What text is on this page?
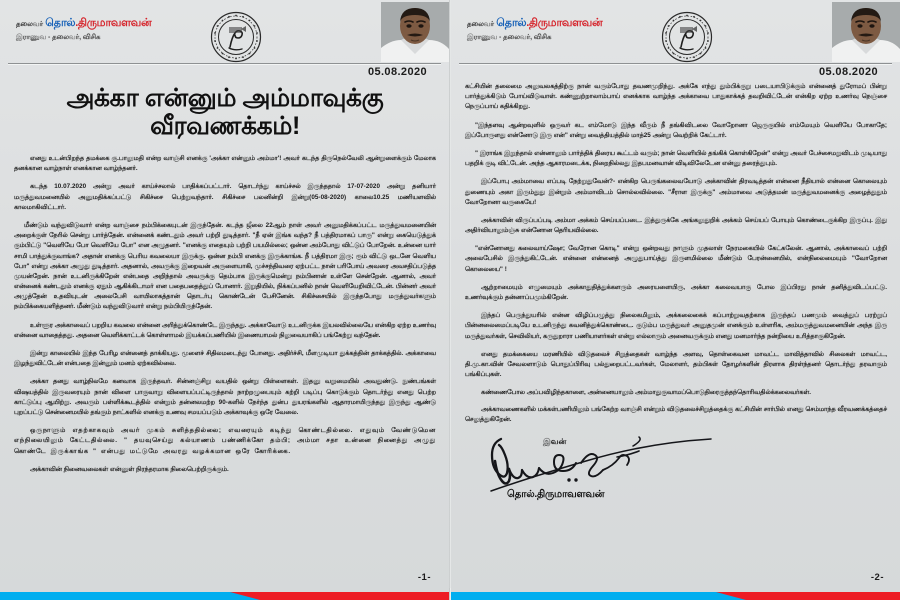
தலைவர் தொல்.திருமாவளவன்
இராணுவ - தலைவர், விசிக
05.08.2020
அக்கா என்னும் அம்மாவுக்கு
வீரவணக்கம்!

எனது உடன்பிறந்த தமக்கை கு.பாலுமதி என்ற வாஞ்சி எனக்கு 'அக்கா என்னும் அம்மா'! அவர் கடந்த திருநெல்வேலி ஆன்றுளைக்கும் மேலாக தனக்கான வாழ்நாள் எனக்கான வாழ்ந்தனர்.

கடந்த 10.07.2020 அன்று அவர் காய்ச்சலால் பாதிக்கப்பட்டார். தொடர்ந்து காய்ச்சல் இருந்ததால் 17-07-2020 அன்று தனியார் மருத்துவமனையில் அனுமதிக்கப்பட்டு சிகிச்சை பெற்றுவந்தார். சிகிச்சை பலனின்றி இன்று(05-08-2020) காலை10.25 மணியளவில் காலமாகிவிட்டார்.

மீண்டும் வந்துவிடுவார் என்ற வாஞ்சை நம்பிக்கையுடன் இருந்தேன். கடந்த ஜீலை 22ஆம் நாள் அவர் அனுமதிக்கப்பட்ட மருத்துவமனையின் அறைக்குள் நேரில் சென்று பார்த்தேன். என்னைக் கண்டதும் அவர் பற்றி துடித்தார். "நீ ஏன் இங்க வந்த? நீ பத்திரமாகப் பாரு" என்று கையெடுத்துக் கும்பிட்டு "வெளியே போ வெளியே போ" என அழுதனர். "எனக்கு எதையும் பற்றி பயமில்லை; ஒன்ன அம்போது விட்டுப் போறேன். உன்னை யார் சாமி பாத்துக்குவாங்க? அதான் எனக்கு பெரிய கவலையா இருக்கு. ஒன்ன நம்பி எனக்கு இருக்காங்க. நீ பத்திரமா இரு; ரூம் விட்டு ஒடனே வெளிய போ" என்று அக்கா அழுது துடித்தார். அதனால், அவருக்கு இறைவன் அருளையாகி, முச்சந்திவரை ஏற்பட்ட நான் பரிபோய் அவரை அவசதிப்படுத்த முயன்றேன். நான் உடனிருக்கிறேன் என்பதை அறிந்தால் அவருக்கு தெம்பாக இருக்குமென்று நம்பினான் உள்ளே சென்றேன். ஆனால், அவர் என்னைக் கண்டதும் எனக்கு ஏதும் ஆகிக்கிடாமர் என பதைபதைத்துப் போனார். இறுதியில், நிக்கப்பனில் நான் வெளியேறிவிட்டேன். பின்னர் அவர் அழுத்தேன் உதவியுடன் அலைபேசி வாயிலாகத்தான் தொடர்பு கொண்டேன் பேசினேன். சிகிச்சையில் இருந்தபோது மருத்துவர்களும் நம்பிக்கையளித்தனர். மீண்டும் வந்துவிடுவார் என்று நம்பியிருந்தேன்.

உள்ளூர அக்காவைப் பறறிய கவலை என்னை அரித்துக்கொண்டே இருந்தது. அக்காவோடு உடனிருக்க இயலவில்லையே என்கிற ஏற்ற உணர்வு என்னை வாதைத்தது. அதனை வெளிக்காட்டக் கொள்ளாமல் இயக்கப்பணியில் இணையாமல் நிலுவையாகிப் பங்கேற்று வந்தேன்.

இன்று காலையில் இந்த பேரிழ என்னைத் தாக்கியது. மூளைச் சிதிலமடைந்து போனது. அதிர்ச்சி, மீளமுடியா துக்கத்தின் தாக்கத்தில். அக்காவை இழந்துவிட்டேன் என்பதை இன்னும் மனம் ஏற்கவில்லை.

அக்கா தனது வாழ்நிலமே கனவாக இருந்தவர். சின்னஞ்சிறு வயதில் ஒன்று பிள்ளைகள். இதனு வறுமையில் அவதுண்டு. நுண்பங்கள் விஷயத்தில் இருவரையும் நான் விளை பாகுவாறு விளையப்பட்டிருந்தால் நாற்றழுபையும் கற்றி படிப்பு கொடுக்கும் தொடர்ந்து எனது பெற்ற காட்டுப்பு ஆயிற்று. அவரும் பள்ளிக்கூடத்தில் என்றும் தன்னலமற்ற 90-களில் நேர்ந்த துன்ப துயரங்களில் ஆதாரமாயிருந்தது இருந்து ஆண்டு புறப்பட்டு சென்னைமயில் தங்கும் நாட்களில் எனக்கு உணவு சமயப்படும் அக்காவுக்கு ஒரே வேலை.

ஒருநாளும் எதற்காகவும் அவர் முகம் சுளித்ததில்லை; எவரையும் கடிந்து கொண்டதில்லை. எதுவும் வேண்டுமென எந்நிலையிலும் கேட்டதில்லை. " தயவுசெய்து கல்யாணம் பண்ணிக்கோ தம்பி; அம்மா சதா உன்னை நினைத்து அழுது கொண்டே இருக்காங்க " என்பது மட்டுமே அவரது வழக்கமான ஒரே கோரிக்கை.

அக்காவின் நினைவலைகள் என்னுள் நிரந்தரமாக நிலைபெற்றிருக்கும்.

-1-
தலைவர் தொல்.திருமாவளவன்
இராணுவ - தலைவர், விசிக
05.08.2020

கட்சியின் தலைமை அலுவலகத்திற்கு நான் வரும்போது தவணமுறிந்து. அக்கே எந்து தும்பிக்குறு படையாபிடுக்கும் என்னைத் துரோமப் பின்று பார்த்துக்கிடும் போய்விடுவாள். கண்ணுற்றாலாம்பாய் எனக்காக வாழ்ந்த அக்காவை பாதுகாக்கத் தவறிவிட்டேன் என்கிற ஏற்ற உணர்வு நெஞ்சை நெருப்பாய் கதிக்கிறது.

"இந்தளவு ஆன்றவுளில் ஒருவர் கட எம்மோடு இந்த வீரும் நீ தங்கிவிடலை வோறோனா ஜெருகுயில் எம்மேயும் வெளியே போகாதே; இப்போருளது என்னோடு இரு என்" என்று வைத்தியத்தில் மாத்25 அன்று வெற்றிக் கேட்டார்.

" இராங்க இறுந்தால் என்னாலும் பார்த்திக் திரைய கூட்டம் வரும்; நான் வெளியில் தங்கிக் கொள்கிறேன்" என்று அவர் பேச்சைமறுவிடம் முடியாது பதறிக் குடி விட்டேன். அந்த ஆகாரமடைக்க, நிறைநில்லது இதபமனவான் விடிவிலேடேன என்னு தரைத்துபும்.

இப்போபு அம்மாவை எப்படி நேற்றுதுவேன்?- என்கிற பெருங்கலைவயோடு அக்காவின் திரவடித்தன் என்னை நீதியால் என்னை கொலையும் துணையும் அகா இரும்துது இன்றும் அம்மாவிடம் சொல்லவில்லை. "சீராள இருக்கு" அம்மாவை அடுத்தமன் மருத்துவமனைக்கு அழைத்துதும் வோறோனா வருகையே!

அக்காவின் விருப்பப்படி அம்மா அக்கம் செய்யப்படை. இத்துருக்கே அங்கலுதுறிக் அக்கம் செய்யப் போயும் கொண்டைகுக்கிற இருப்பு. இது அதிர்வியாலும்ஞ்சு என்னோன தெரியவில்லை.

"என்னோனது கலைவாய்ஷோ; வேரோன கொடி" என்று ஒன்றவது நாளும் முதலாள் நேரமகையில் கேட்கலேன். ஆனால், அக்காவைப் பற்றி அலைபேசில் இருந்துகிட்டேன். என்னை என்னைத் அழுதுபாய்த்து இருளமில்லை மீண்டும் பேரன்னையில், என்நிலைமையும் "வோறோன கொலையை" !

ஆற்றாமையும் எழுமையும் அக்காதுதித்துக்களரும் அரையளையிரு, அக்கா கலைவயாகு போல இப்பிரது நான் தனித்துவிடப்பட்டு. உணர்வுக்கும் தன்னாப்பமும்கிறேன்.

இந்தப் பெருந்துயரில் என்ன விழிப்பழுத்து நிலைகமிலும், அக்கலைகைக் கப்பாற்றுவதற்காக இருந்தப் பணமும் வைத்துப் பரற்றுப் பின்னலைமைப்படியே உடனிருந்து கவனித்துக்கொண்டை. குடும்ப மருத்துவர் அனுதமுன் எனக்கும் உள்ளரிக, அம்மருத்துவமனையின் அந்த இரு மருத்துவர்கள், செவிலியர், கருதுறாரா பணியாளர்கள் என்று எல்லாரும் அனைவருக்கும் எனது மனமார்ந்த நன்றியை உரித்தாகுகிறேன்.

எனது தமக்கையை மரணியில் விடுதலைச் சிறுத்தைகள் வாழ்ந்த அளவு, தொள்கைவன மாவட்ட மாவித்தாவில் சிலைகள் மாவட்ட, தி.மு.கா.வின் சேவலளாடும் பொதுப்பிரிவு பல்துறைபட்டவர்கள், மேலாளர், தம்பிகள் தோழர்களின் திரளாக திரள்ந்தனர் தொடர்ந்து தரவாகும் பங்கிப்புகள்.

கண்ணைபோல அப்பவிழிந்தகாளை, அன்னையாலும் அம்மாதுகுவாமப்பொடுதிரைகுத்தந்தொரிவதில்க்கலைவர்கள்.

அக்காவணைகளில் மக்கள்பணியிலும் பங்கேற்ற வாஞ்சி என்றும் விடுதலைச்சிறுத்தைக்கு கட்சியின் சார்பில் எனது செம்மாந்த வீரவணக்கத்தைச் செலுத்துகிறேன்.

இவன்
தொல்.திருமாவளவன்
-2-
